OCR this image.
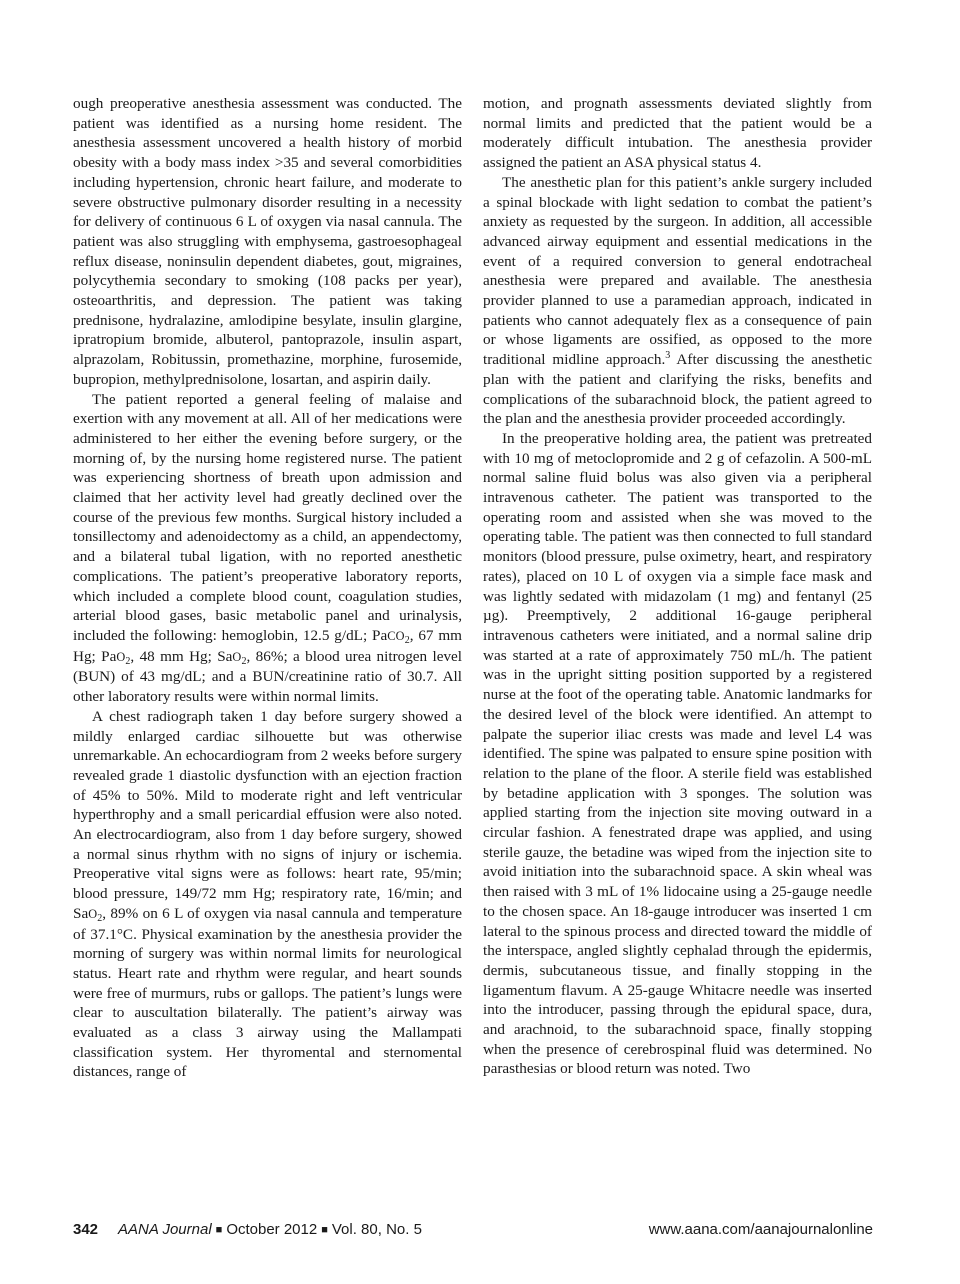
ough preoperative anesthesia assessment was conducted. The patient was identified as a nursing home resident. The anesthesia assessment uncovered a health history of morbid obesity with a body mass index >35 and several comorbidities including hypertension, chronic heart failure, and moderate to severe obstructive pulmonary disorder resulting in a necessity for delivery of continuous 6 L of oxygen via nasal cannula. The patient was also struggling with emphysema, gastroesophageal reflux disease, noninsulin dependent diabetes, gout, migraines, polycythemia secondary to smoking (108 packs per year), osteoarthritis, and depression. The patient was taking prednisone, hydralazine, amlodipine besylate, insulin glargine, ipratropium bromide, albuterol, pantoprazole, insulin aspart, alprazolam, Robitussin, promethazine, morphine, furosemide, bupropion, methylprednisolone, losartan, and aspirin daily.

The patient reported a general feeling of malaise and exertion with any movement at all. All of her medications were administered to her either the evening before surgery, or the morning of, by the nursing home registered nurse. The patient was experiencing shortness of breath upon admission and claimed that her activity level had greatly declined over the course of the previous few months. Surgical history included a tonsillectomy and adenoidectomy as a child, an appendectomy, and a bilateral tubal ligation, with no reported anesthetic complications. The patient’s preoperative laboratory reports, which included a complete blood count, coagulation studies, arterial blood gases, basic metabolic panel and urinalysis, included the following: hemoglobin, 12.5 g/dL; PaCO$_2$, 67 mm Hg; PaO$_2$, 48 mm Hg; SaO$_2$, 86%; a blood urea nitrogen level (BUN) of 43 mg/dL; and a BUN/creatinine ratio of 30.7. All other laboratory results were within normal limits.

A chest radiograph taken 1 day before surgery showed a mildly enlarged cardiac silhouette but was otherwise unremarkable. An echocardiogram from 2 weeks before surgery revealed grade 1 diastolic dysfunction with an ejection fraction of 45% to 50%. Mild to moderate right and left ventricular hyperthrophy and a small pericardial effusion were also noted. An electrocardiogram, also from 1 day before surgery, showed a normal sinus rhythm with no signs of injury or ischemia. Preoperative vital signs were as follows: heart rate, 95/min; blood pressure, 149/72 mm Hg; respiratory rate, 16/min; and SaO$_2$, 89% on 6 L of oxygen via nasal cannula and temperature of 37.1°C. Physical examination by the anesthesia provider the morning of surgery was within normal limits for neurological status. Heart rate and rhythm were regular, and heart sounds were free of murmurs, rubs or gallops. The patient’s lungs were clear to auscultation bilaterally. The patient’s airway was evaluated as a class 3 airway using the Mallampati classification system. Her thyromental and sternomental distances, range of

motion, and prognath assessments deviated slightly from normal limits and predicted that the patient would be a moderately difficult intubation. The anesthesia provider assigned the patient an ASA physical status 4.

The anesthetic plan for this patient’s ankle surgery included a spinal blockade with light sedation to combat the patient’s anxiety as requested by the surgeon. In addition, all accessible advanced airway equipment and essential medications in the event of a required conversion to general endotracheal anesthesia were prepared and available. The anesthesia provider planned to use a paramedian approach, indicated in patients who cannot adequately flex as a consequence of pain or whose ligaments are ossified, as opposed to the more traditional midline approach.$^3$ After discussing the anesthetic plan with the patient and clarifying the risks, benefits and complications of the subarachnoid block, the patient agreed to the plan and the anesthesia provider proceeded accordingly.

In the preoperative holding area, the patient was pretreated with 10 mg of metoclopromide and 2 g of cefazolin. A 500-mL normal saline fluid bolus was also given via a peripheral intravenous catheter. The patient was transported to the operating room and assisted when she was moved to the operating table. The patient was then connected to full standard monitors (blood pressure, pulse oximetry, heart, and respiratory rates), placed on 10 L of oxygen via a simple face mask and was lightly sedated with midazolam (1 mg) and fentanyl (25 µg). Preemptively, 2 additional 16-gauge peripheral intravenous catheters were initiated, and a normal saline drip was started at a rate of approximately 750 mL/h. The patient was in the upright sitting position supported by a registered nurse at the foot of the operating table. Anatomic landmarks for the desired level of the block were identified. An attempt to palpate the superior iliac crests was made and level L4 was identified. The spine was palpated to ensure spine position with relation to the plane of the floor. A sterile field was established by betadine application with 3 sponges. The solution was applied starting from the injection site moving outward in a circular fashion. A fenestrated drape was applied, and using sterile gauze, the betadine was wiped from the injection site to avoid initiation into the subarachnoid space. A skin wheal was then raised with 3 mL of 1% lidocaine using a 25-gauge needle to the chosen space. An 18-gauge introducer was inserted 1 cm lateral to the spinous process and directed toward the middle of the interspace, angled slightly cephalad through the epidermis, dermis, subcutaneous tissue, and finally stopping in the ligamentum flavum. A 25-gauge Whitacre needle was inserted into the introducer, passing through the epidural space, dura, and arachnoid, to the subarachnoid space, finally stopping when the presence of cerebrospinal fluid was determined. No parasthesias or blood return was noted. Two

342 AANA Journal ■ October 2012 ■ Vol. 80, No. 5	www.aana.com/aanajournalonline
